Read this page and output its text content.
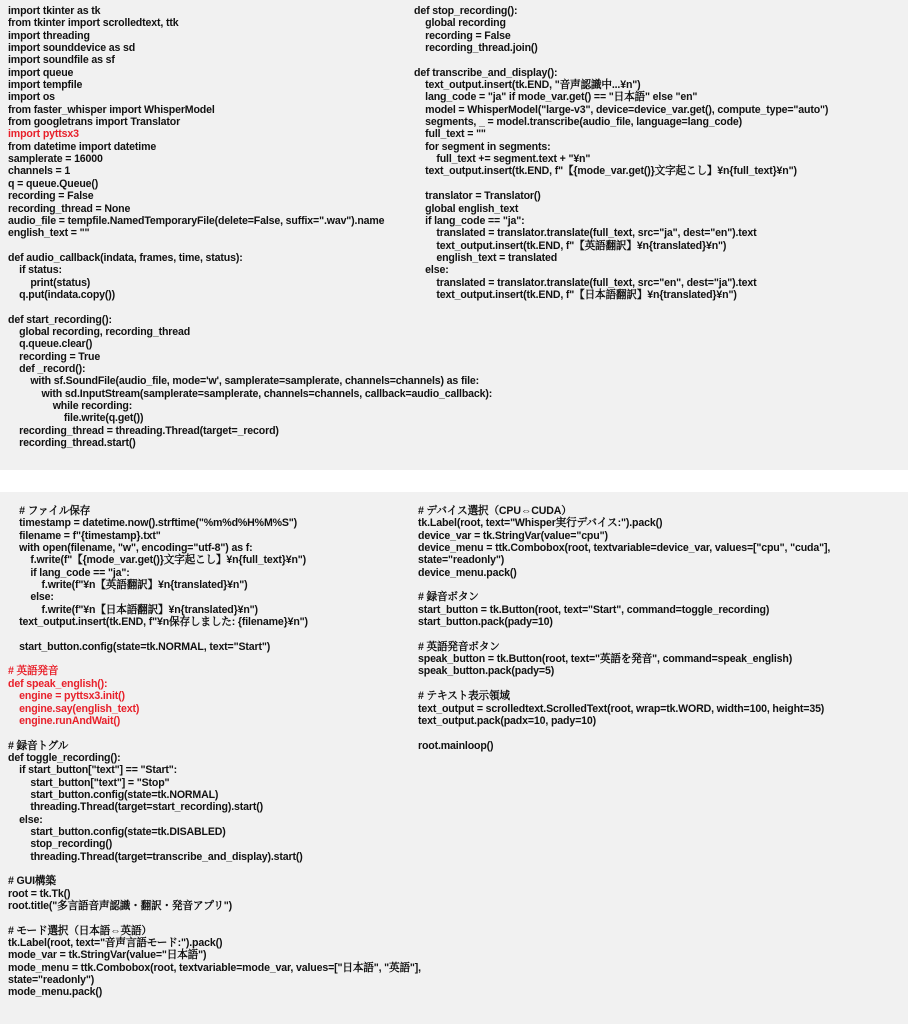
import tkinter as tk
from tkinter import scrolledtext, ttk
import threading
import sounddevice as sd
import soundfile as sf
import queue
import tempfile
import os
from faster_whisper import WhisperModel
from googletrans import Translator
import pyttsx3
from datetime import datetime
samplerate = 16000
channels = 1
q = queue.Queue()
recording = False
recording_thread = None
audio_file = tempfile.NamedTemporaryFile(delete=False, suffix=".wav").name
english_text = ""
def audio_callback(indata, frames, time, status):
if status:
print(status)
q.put(indata.copy())
def start_recording():
global recording, recording_thread
q.queue.clear()
recording = True
def _record():
with sf.SoundFile(audio_file, mode='w', samplerate=samplerate, channels=channels) as file:
with sd.InputStream(samplerate=samplerate, channels=channels, callback=audio_callback):
while recording:
file.write(q.get())
recording_thread = threading.Thread(target=_record)
recording_thread.start()
def stop_recording():
global recording
recording = False
recording_thread.join()
def transcribe_and_display():
text_output.insert(tk.END, "音声認識中...¥n")
lang_code = "ja" if mode_var.get() == "日本語" else "en"
model = WhisperModel("large-v3", device=device_var.get(), compute_type="auto")
segments, _ = model.transcribe(audio_file, language=lang_code)
full_text = ""
for segment in segments:
full_text += segment.text + "¥n"
text_output.insert(tk.END, f"【{mode_var.get()}文字起こし】¥n{full_text}¥n")
translator = Translator()
global english_text
if lang_code == "ja":
translated = translator.translate(full_text, src="ja", dest="en").text
text_output.insert(tk.END, f"【英語翻訳】¥n{translated}¥n")
english_text = translated
else:
translated = translator.translate(full_text, src="en", dest="ja").text
text_output.insert(tk.END, f"【日本語翻訳】¥n{translated}¥n")
# ファイル保存
timestamp = datetime.now().strftime("%m%d%H%M%S")
filename = f"{timestamp}.txt"
with open(filename, "w", encoding="utf-8") as f:
f.write(f"【{mode_var.get()}文字起こし】¥n{full_text}¥n")
if lang_code == "ja":
f.write(f"¥n【英語翻訳】¥n{translated}¥n")
else:
f.write(f"¥n【日本語翻訳】¥n{translated}¥n")
text_output.insert(tk.END, f"¥n保存しました: {filename}¥n")
start_button.config(state=tk.NORMAL, text="Start")
# 英語発音
def speak_english():
engine = pyttsx3.init()
engine.say(english_text)
engine.runAndWait()
# 録音トグル
def toggle_recording():
if start_button["text"] == "Start":
start_button["text"] = "Stop"
start_button.config(state=tk.NORMAL)
threading.Thread(target=start_recording).start()
else:
start_button.config(state=tk.DISABLED)
stop_recording()
threading.Thread(target=transcribe_and_display).start()
# GUI構築
root = tk.Tk()
root.title("多言語音声認識・翻訳・発音アプリ")
# モード選択（日本語⇔英語）
tk.Label(root, text="音声言語モード:").pack()
mode_var = tk.StringVar(value="日本語")
mode_menu = ttk.Combobox(root, textvariable=mode_var, values=["日本語", "英語"],
state="readonly")
mode_menu.pack()
# デバイス選択（CPU⇔CUDA）
tk.Label(root, text="Whisper実行デバイス:").pack()
device_var = tk.StringVar(value="cpu")
device_menu = ttk.Combobox(root, textvariable=device_var, values=["cpu", "cuda"],
state="readonly")
device_menu.pack()
# 録音ボタン
start_button = tk.Button(root, text="Start", command=toggle_recording)
start_button.pack(pady=10)
# 英語発音ボタン
speak_button = tk.Button(root, text="英語を発音", command=speak_english)
speak_button.pack(pady=5)
# テキスト表示領域
text_output = scrolledtext.ScrolledText(root, wrap=tk.WORD, width=100, height=35)
text_output.pack(padx=10, pady=10)
root.mainloop()
